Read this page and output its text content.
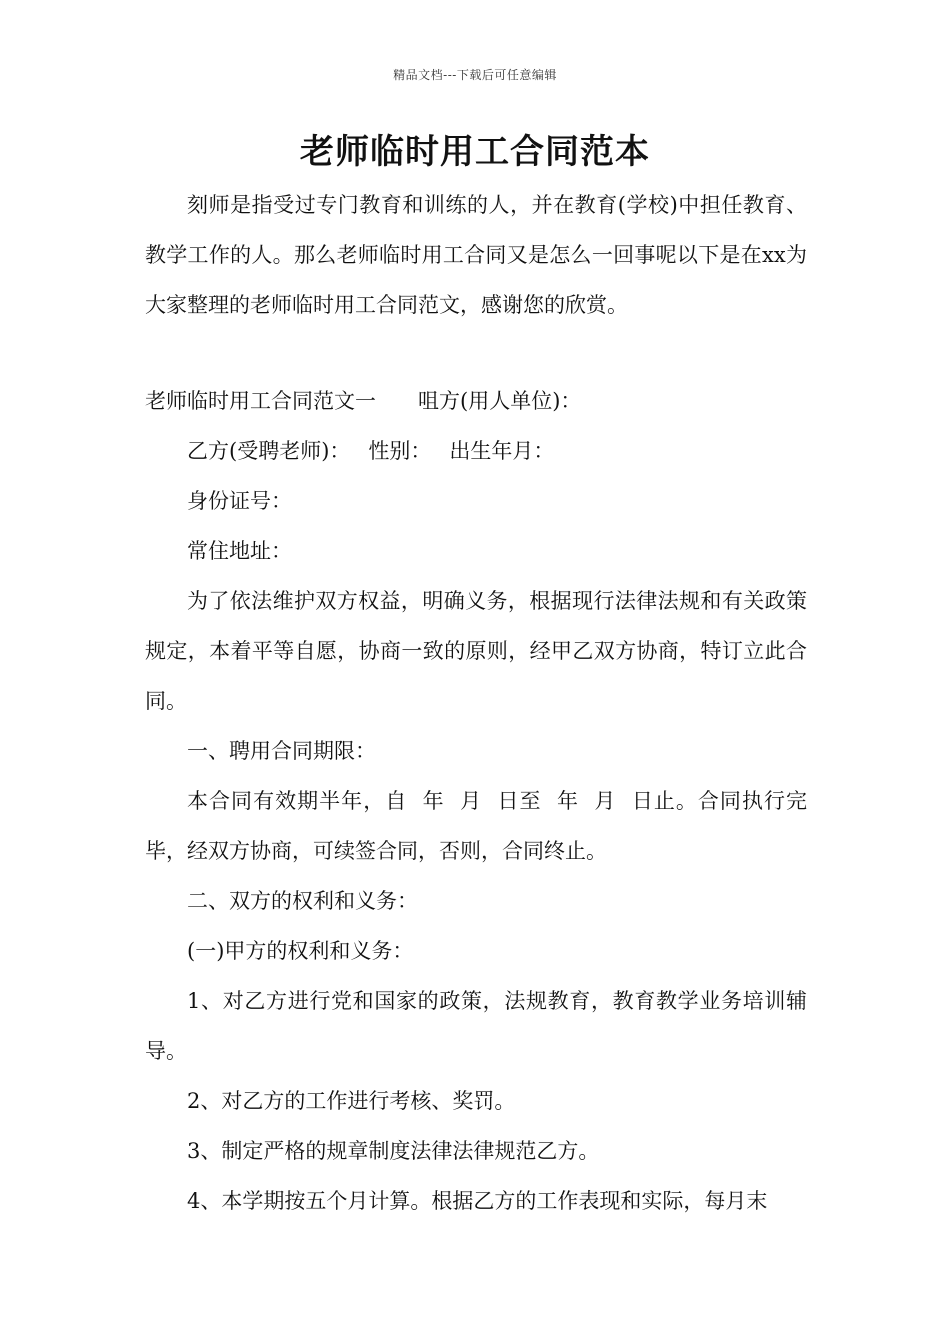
精品文档---下载后可任意编辑
老师临时用工合同范本

刻师是指受过专门教育和训练的人，并在教育(学校)中担任教育、教学工作的人。那么老师临时用工合同又是怎么一回事呢以下是在xx为大家整理的老师临时用工合同范文，感谢您的欣赏。

老师临时用工合同范文一 咀方(用人单位)：

乙方(受聘老师)： 性别： 出生年月：

身份证号：

常住地址：

为了依法维护双方权益，明确义务，根据现行法律法规和有关政策规定，本着平等自愿，协商一致的原则，经甲乙双方协商，特订立此合同。

一、聘用合同期限：

本合同有效期半年，自  年  月  日至  年  月  日止。合同执行完毕，经双方协商，可续签合同，否则，合同终止。

二、双方的权利和义务：

(一)甲方的权利和义务：

1、对乙方进行党和国家的政策，法规教育，教育教学业务培训辅导。

2、对乙方的工作进行考核、奖罚。

3、制定严格的规章制度法律法律规范乙方。

4、本学期按五个月计算。根据乙方的工作表现和实际，每月末
